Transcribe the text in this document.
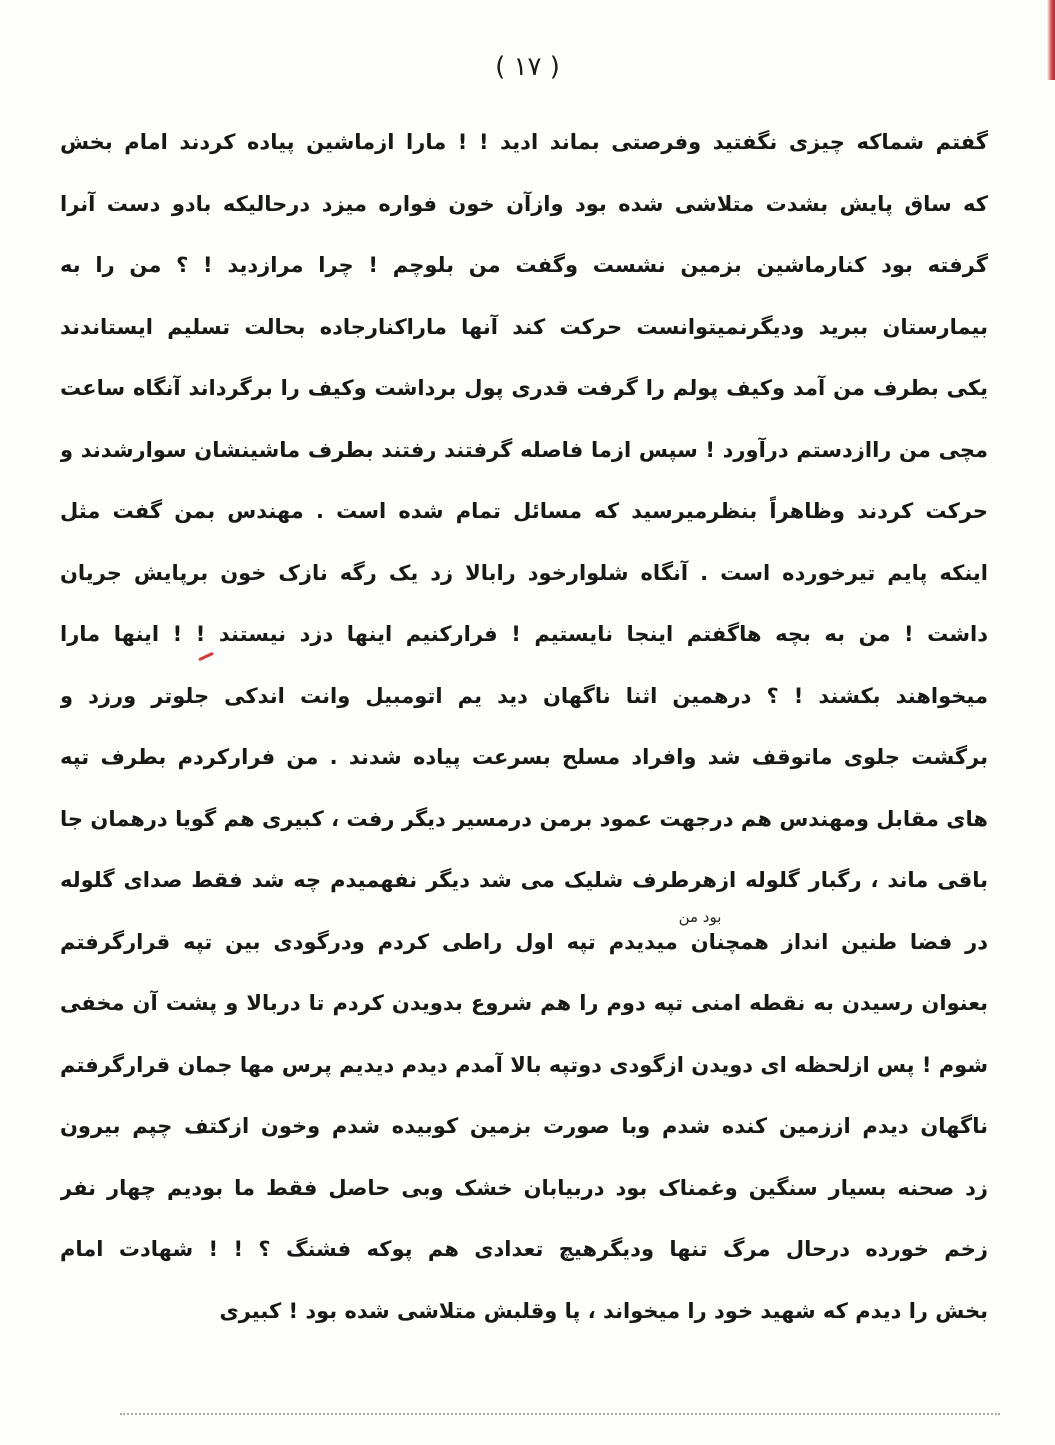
( ۱۷ )
گفتم شماکه چیزی نگفتید وفرصتی بماند ادید ! ! مارا ازماشین پیاده کردند امام بخش
که ساق پایش بشدت متلاشی شده بود وازآن خون فواره میزد درحالیکه بادو دست آنرا
گرفته بود کنارماشین بزمین نشست وگفت من بلوچم ! چرا مرازدید ! ؟ من را به
بیمارستان ببرید ودیگرنمیتوانست حرکت کند آنها ماراکنارجاده بحالت تسلیم ایستاندند
یکی بطرف من آمد وکیف پولم را گرفت قدری پول برداشت وکیف را برگرداند آنگاه ساعت
مچی من راازدستم درآورد ! سپس ازما فاصله گرفتند رفتند بطرف ماشینشان سوارشدند و
حرکت کردند وظاهراً بنظرمیرسید که مسائل تمام شده است . مهندس بمن گفت مثل
اینکه پایم تیرخورده است . آنگاه شلوارخود رابالا زد یک رگه نازک خون برپایش جریان
داشت ! من به بچه هاگفتم اینجا نایستیم ! فرارکنیم اینها دزد نیستند ! ! اینها مارا
میخواهند بکشند ! ؟ درهمین اثنا ناگهان دید یم اتومبیل وانت اندکی جلوتر ورزد و
برگشت جلوی ماتوقف شد وافراد مسلح بسرعت پیاده شدند . من فرارکردم بطرف تپه
های مقابل ومهندس هم درجهت عمود برمن درمسیر دیگر رفت ، کبیری هم گویا درهمان جا
باقی ماند ، رگبار گلوله ازهرطرف شلیک می شد دیگر نفهمیدم چه شد فقط صدای گلوله
در فضا طنین انداز همچنان میدیدم تپه اول راطی کردم ودرگودی بین تپه قرارگرفتم
بعنوان رسیدن به نقطه امنی تپه دوم را هم شروع بدویدن کردم تا دربالا و پشت آن مخفی
شوم ! پس ازلحظه ای دویدن ازگودی دوتپه بالا آمدم دیدم دیدیم پرس مها جمان قرارگرفتم
ناگهان دیدم اززمین کنده شدم وبا صورت بزمین کوبیده شدم وخون ازکتف چپم بیرون
زد صحنه بسیار سنگین وغمناک بود دربیابان خشک وبی حاصل فقط ما بودیم چهار نفر
زخم خورده درحال مرگ تنها ودیگرهیچ تعدادی هم پوکه فشنگ ؟ ! ! شهادت امام
بخش را دیدم که شهید خود را میخواند ، پا وقلبش متلاشی شده بود ! کبیری
بود من
